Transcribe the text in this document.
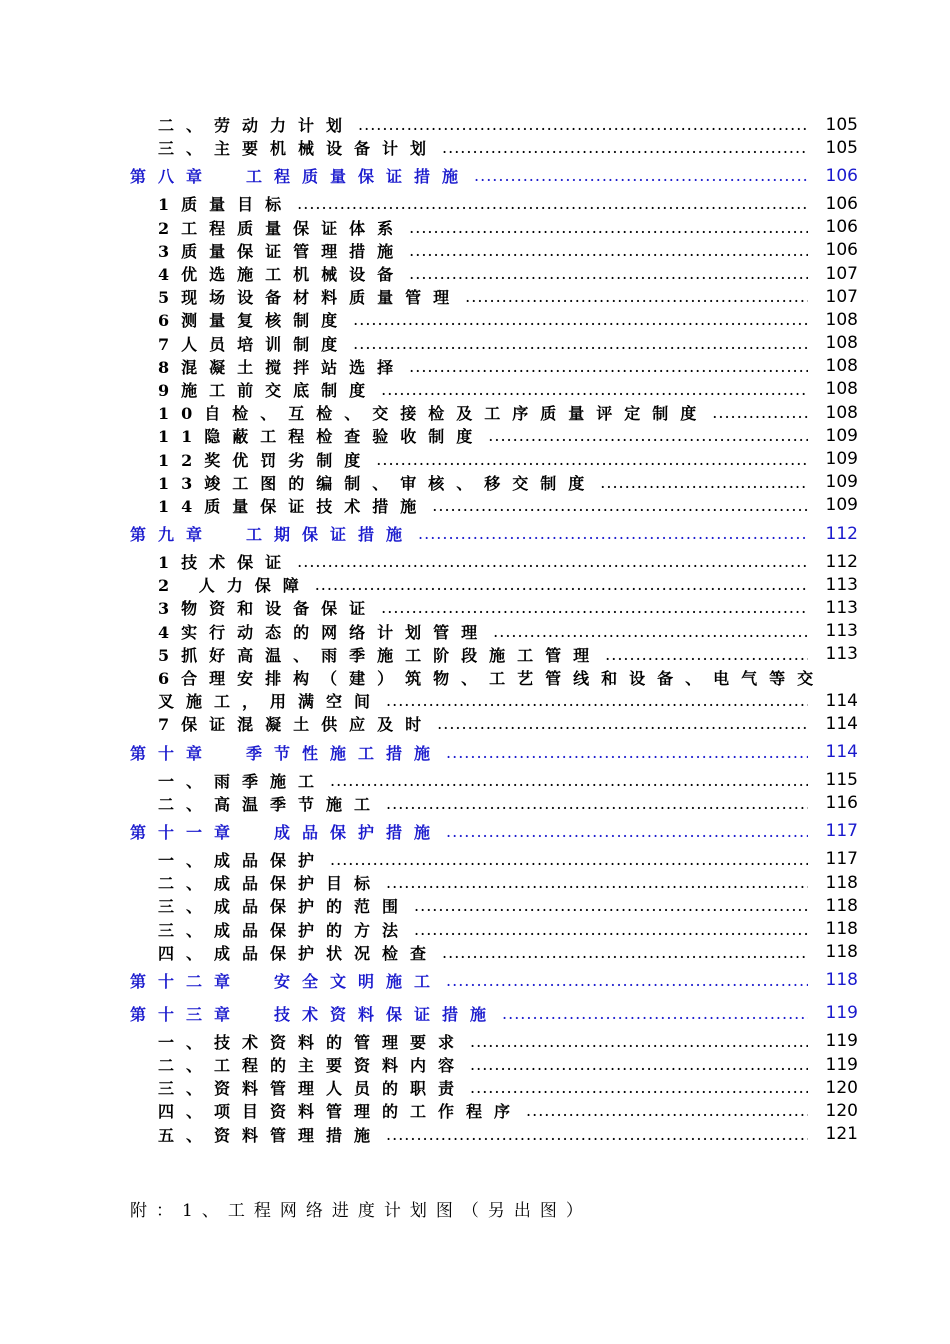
二、劳动力计划 .....	105
三、主要机械设备计划 .....	105
第八章 工程质量保证措施 .....	106
1质量目标 .....	106
2工程质量保证体系 .....	106
3质量保证管理措施 .....	106
4优选施工机械设备 .....	107
5现场设备材料质量管理 .....	107
6测量复核制度 .....	108
7人员培训制度 .....	108
8混凝土搅拌站选择 .....	108
9施工前交底制度 .....	108
10自检、互检、交接检及工序质量评定制度 .....	108
11隐蔽工程检查验收制度 .....	109
12奖优罚劣制度 .....	109
13竣工图的编制、审核、移交制度 .....	109
14质量保证技术措施 .....	109
第九章 工期保证措施 .....	112
1技术保证 .....	112
2 人力保障 .....	113
3物资和设备保证 .....	113
4实行动态的网络计划管理 .....	113
5抓好高温、雨季施工阶段施工管理 .....	113
6合理安排构（建）筑物、工艺管线和设备、电气等交
叉施工，用满空间 .....	114
7保证混凝土供应及时 .....	114
第十章 季节性施工措施 .....	114
一、雨季施工 .....	115
二、高温季节施工 .....	116
第十一章 成品保护措施 .....	117
一、成品保护 .....	117
二、成品保护目标 .....	118
三、成品保护的范围 .....	118
三、成品保护的方法 .....	118
四、成品保护状况检查 .....	118
第十二章 安全文明施工 .....	118
第十三章 技术资料保证措施 .....	119
一、技术资料的管理要求 .....	119
二、工程的主要资料内容 .....	119
三、资料管理人员的职责 .....	120
四、项目资料管理的工作程序 .....	120
五、资料管理措施 .....	121
附：1、工程网络进度计划图（另出图）
